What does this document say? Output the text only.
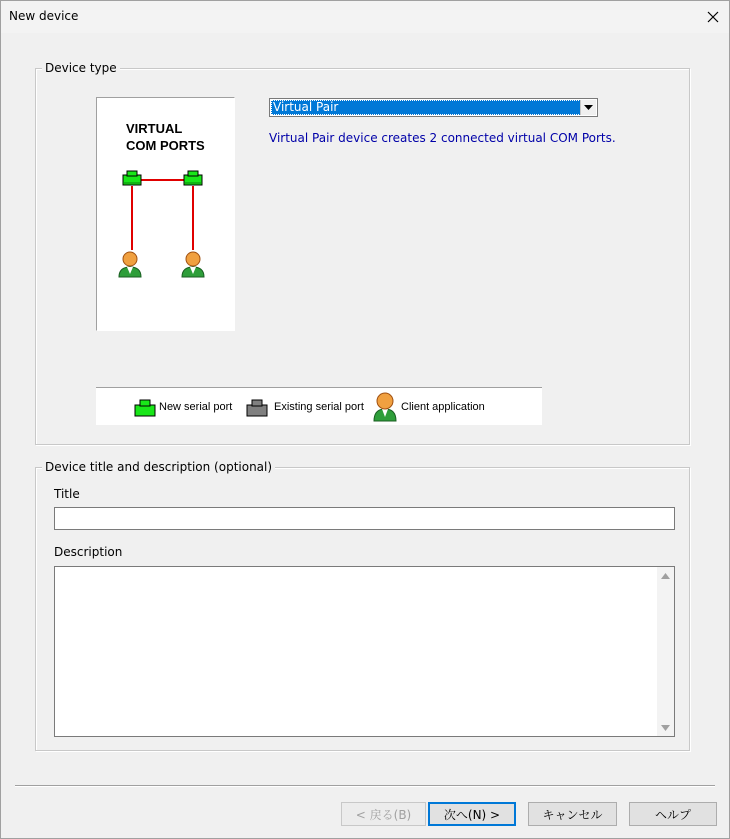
New device
Device type
VIRTUAL
COM PORTS
Virtual Pair
Virtual Pair device creates 2 connected virtual COM Ports.
New serial port	Existing serial port	Client application
Device title and description (optional)
Title
Description
< 戻る(B)	次へ(N) >	キャンセル	ヘルプ
